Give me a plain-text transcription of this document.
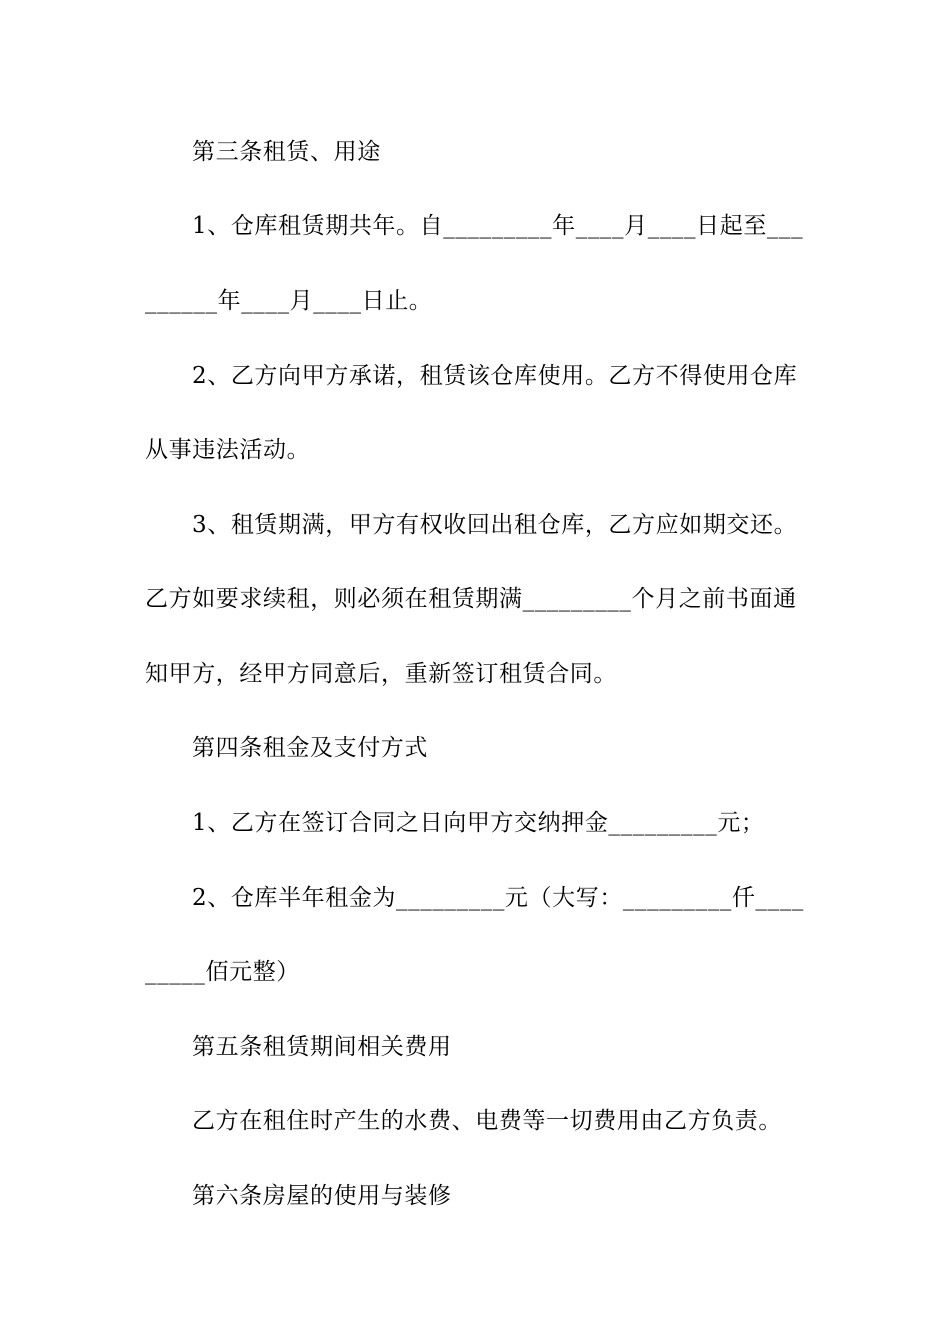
第三条租赁、用途
1、仓库租赁期共年。自_________年____月____日起至___
______年____月____日止。
2、乙方向甲方承诺，租赁该仓库使用。乙方不得使用仓库
从事违法活动。
3、租赁期满，甲方有权收回出租仓库，乙方应如期交还。
乙方如要求续租，则必须在租赁期满_________个月之前书面通
知甲方，经甲方同意后，重新签订租赁合同。
第四条租金及支付方式
1、乙方在签订合同之日向甲方交纳押金_________元；
2、仓库半年租金为_________元（大写：_________仟____
_____佰元整）
第五条租赁期间相关费用
乙方在租住时产生的水费、电费等一切费用由乙方负责。
第六条房屋的使用与装修
